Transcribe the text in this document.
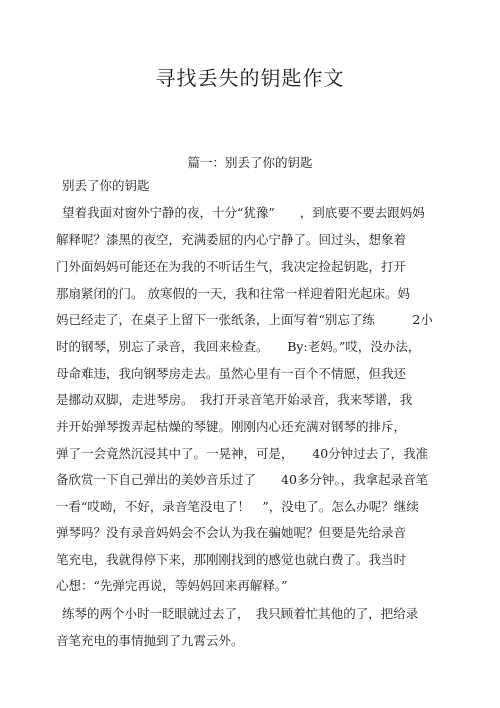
寻找丢失的钥匙作文
篇一：别丢了你的钥匙
别丢了你的钥匙
望着我面对窗外宁静的夜，十分“犹豫”　　，到底要不要去跟妈妈
解释呢？漆黑的夜空，充满委屈的内心宁静了。回过头，想象着
门外面妈妈可能还在为我的不听话生气，我决定捡起钥匙，打开
那扇紧闭的门。 放寒假的一天，我和往常一样迎着阳光起床。妈
妈已经走了，在桌子上留下一张纸条，上面写着“别忘了练　　　2小
时的钢琴，别忘了录音，我回来检查。　　By:老妈。”哎，没办法，
母命难违，我向钢琴房走去。虽然心里有一百个不情愿，但我还
是挪动双脚，走进琴房。　我打开录音笔开始录音，我来琴谱，我
并开始弹琴拨弄起枯燥的琴键。刚刚内心还充满对钢琴的排斥，
弹了一会竟然沉浸其中了。一晃神，可是，　　40分钟过去了，我准
备欣赏一下自己弹出的美妙音乐过了　　40多分钟。，我拿起录音笔
一看“哎呦，不好，录音笔没电了！　”，没电了。怎么办呢？继续
弹琴吗？没有录音妈妈会不会认为我在骗她呢？但要是先给录音
笔充电，我就得停下来，那刚刚找到的感觉也就白费了。我当时
心想：“先弹完再说，等妈妈回来再解释。”
练琴的两个小时一眨眼就过去了，　我只顾着忙其他的了，把给录
音笔充电的事情抛到了九霄云外。
